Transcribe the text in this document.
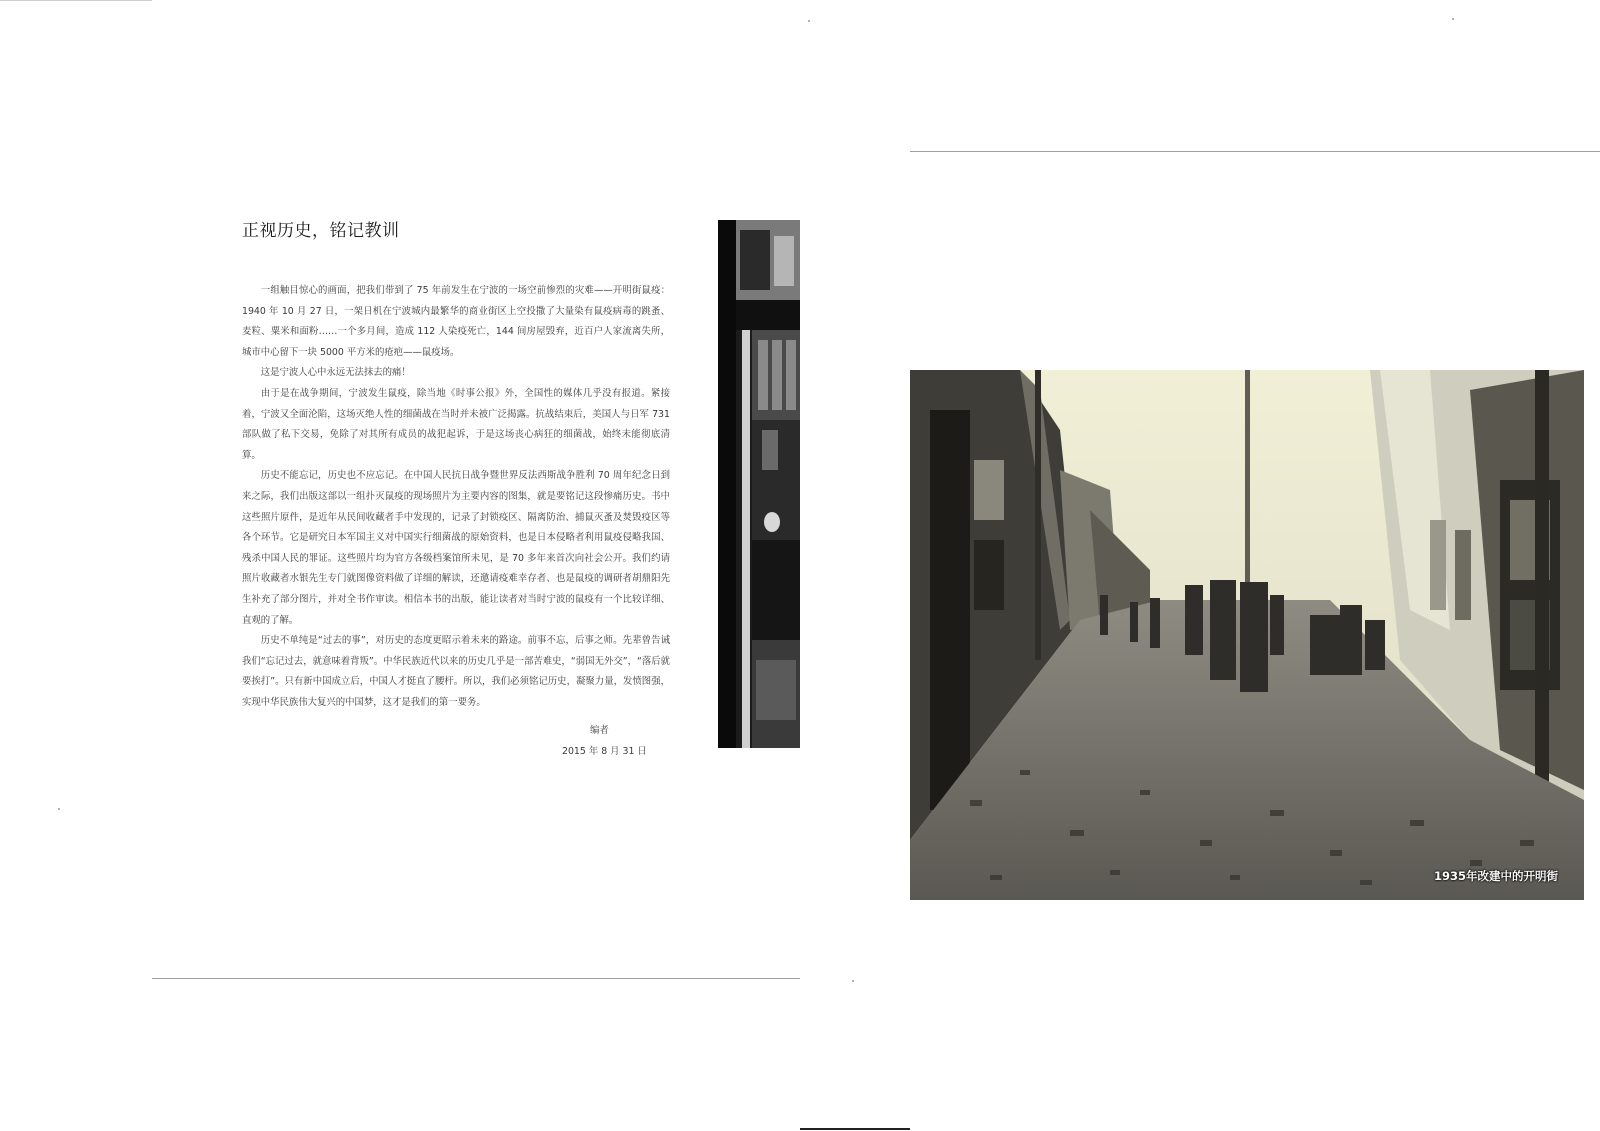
正视历史，铭记教训

一组触目惊心的画面，把我们带到了 75 年前发生在宁波的一场空前惨烈的灾难——开明街鼠疫：1940 年 10 月 27 日，一架日机在宁波城内最繁华的商业街区上空投撒了大量染有鼠疫病毒的跳蚤、麦粒、粟米和面粉……一个多月间，造成 112 人染疫死亡，144 间房屋毁弃，近百户人家流离失所，城市中心留下一块 5000 平方米的疮疤——鼠疫场。

这是宁波人心中永远无法抹去的痛！

由于是在战争期间，宁波发生鼠疫，除当地《时事公报》外，全国性的媒体几乎没有报道。紧接着，宁波又全面沦陷，这场灭绝人性的细菌战在当时并未被广泛揭露。抗战结束后，美国人与日军 731 部队做了私下交易，免除了对其所有成员的战犯起诉，于是这场丧心病狂的细菌战，始终未能彻底清算。

历史不能忘记，历史也不应忘记。在中国人民抗日战争暨世界反法西斯战争胜利 70 周年纪念日到来之际，我们出版这部以一组扑灭鼠疫的现场照片为主要内容的图集，就是要铭记这段惨痛历史。书中这些照片原件，是近年从民间收藏者手中发现的，记录了封锁疫区、隔离防治、捕鼠灭蚤及焚毁疫区等各个环节。它是研究日本军国主义对中国实行细菌战的原始资料，也是日本侵略者利用鼠疫侵略我国、残杀中国人民的罪证。这些照片均为官方各级档案馆所未见，是 70 多年来首次向社会公开。我们约请照片收藏者水银先生专门就图像资料做了详细的解读，还邀请疫难幸存者、也是鼠疫的调研者胡鼎阳先生补充了部分图片，并对全书作审读。相信本书的出版，能让读者对当时宁波的鼠疫有一个比较详细、直观的了解。

历史不单纯是“过去的事”，对历史的态度更昭示着未来的路途。前事不忘，后事之师。先辈曾告诫我们“忘记过去，就意味着背叛”。中华民族近代以来的历史几乎是一部苦难史，“弱国无外交”，“落后就要挨打”。只有新中国成立后，中国人才挺直了腰杆。所以，我们必须铭记历史，凝聚力量，发愤图强，实现中华民族伟大复兴的中国梦，这才是我们的第一要务。

编者
2015 年 8 月 31 日
1935年改建中的开明街
